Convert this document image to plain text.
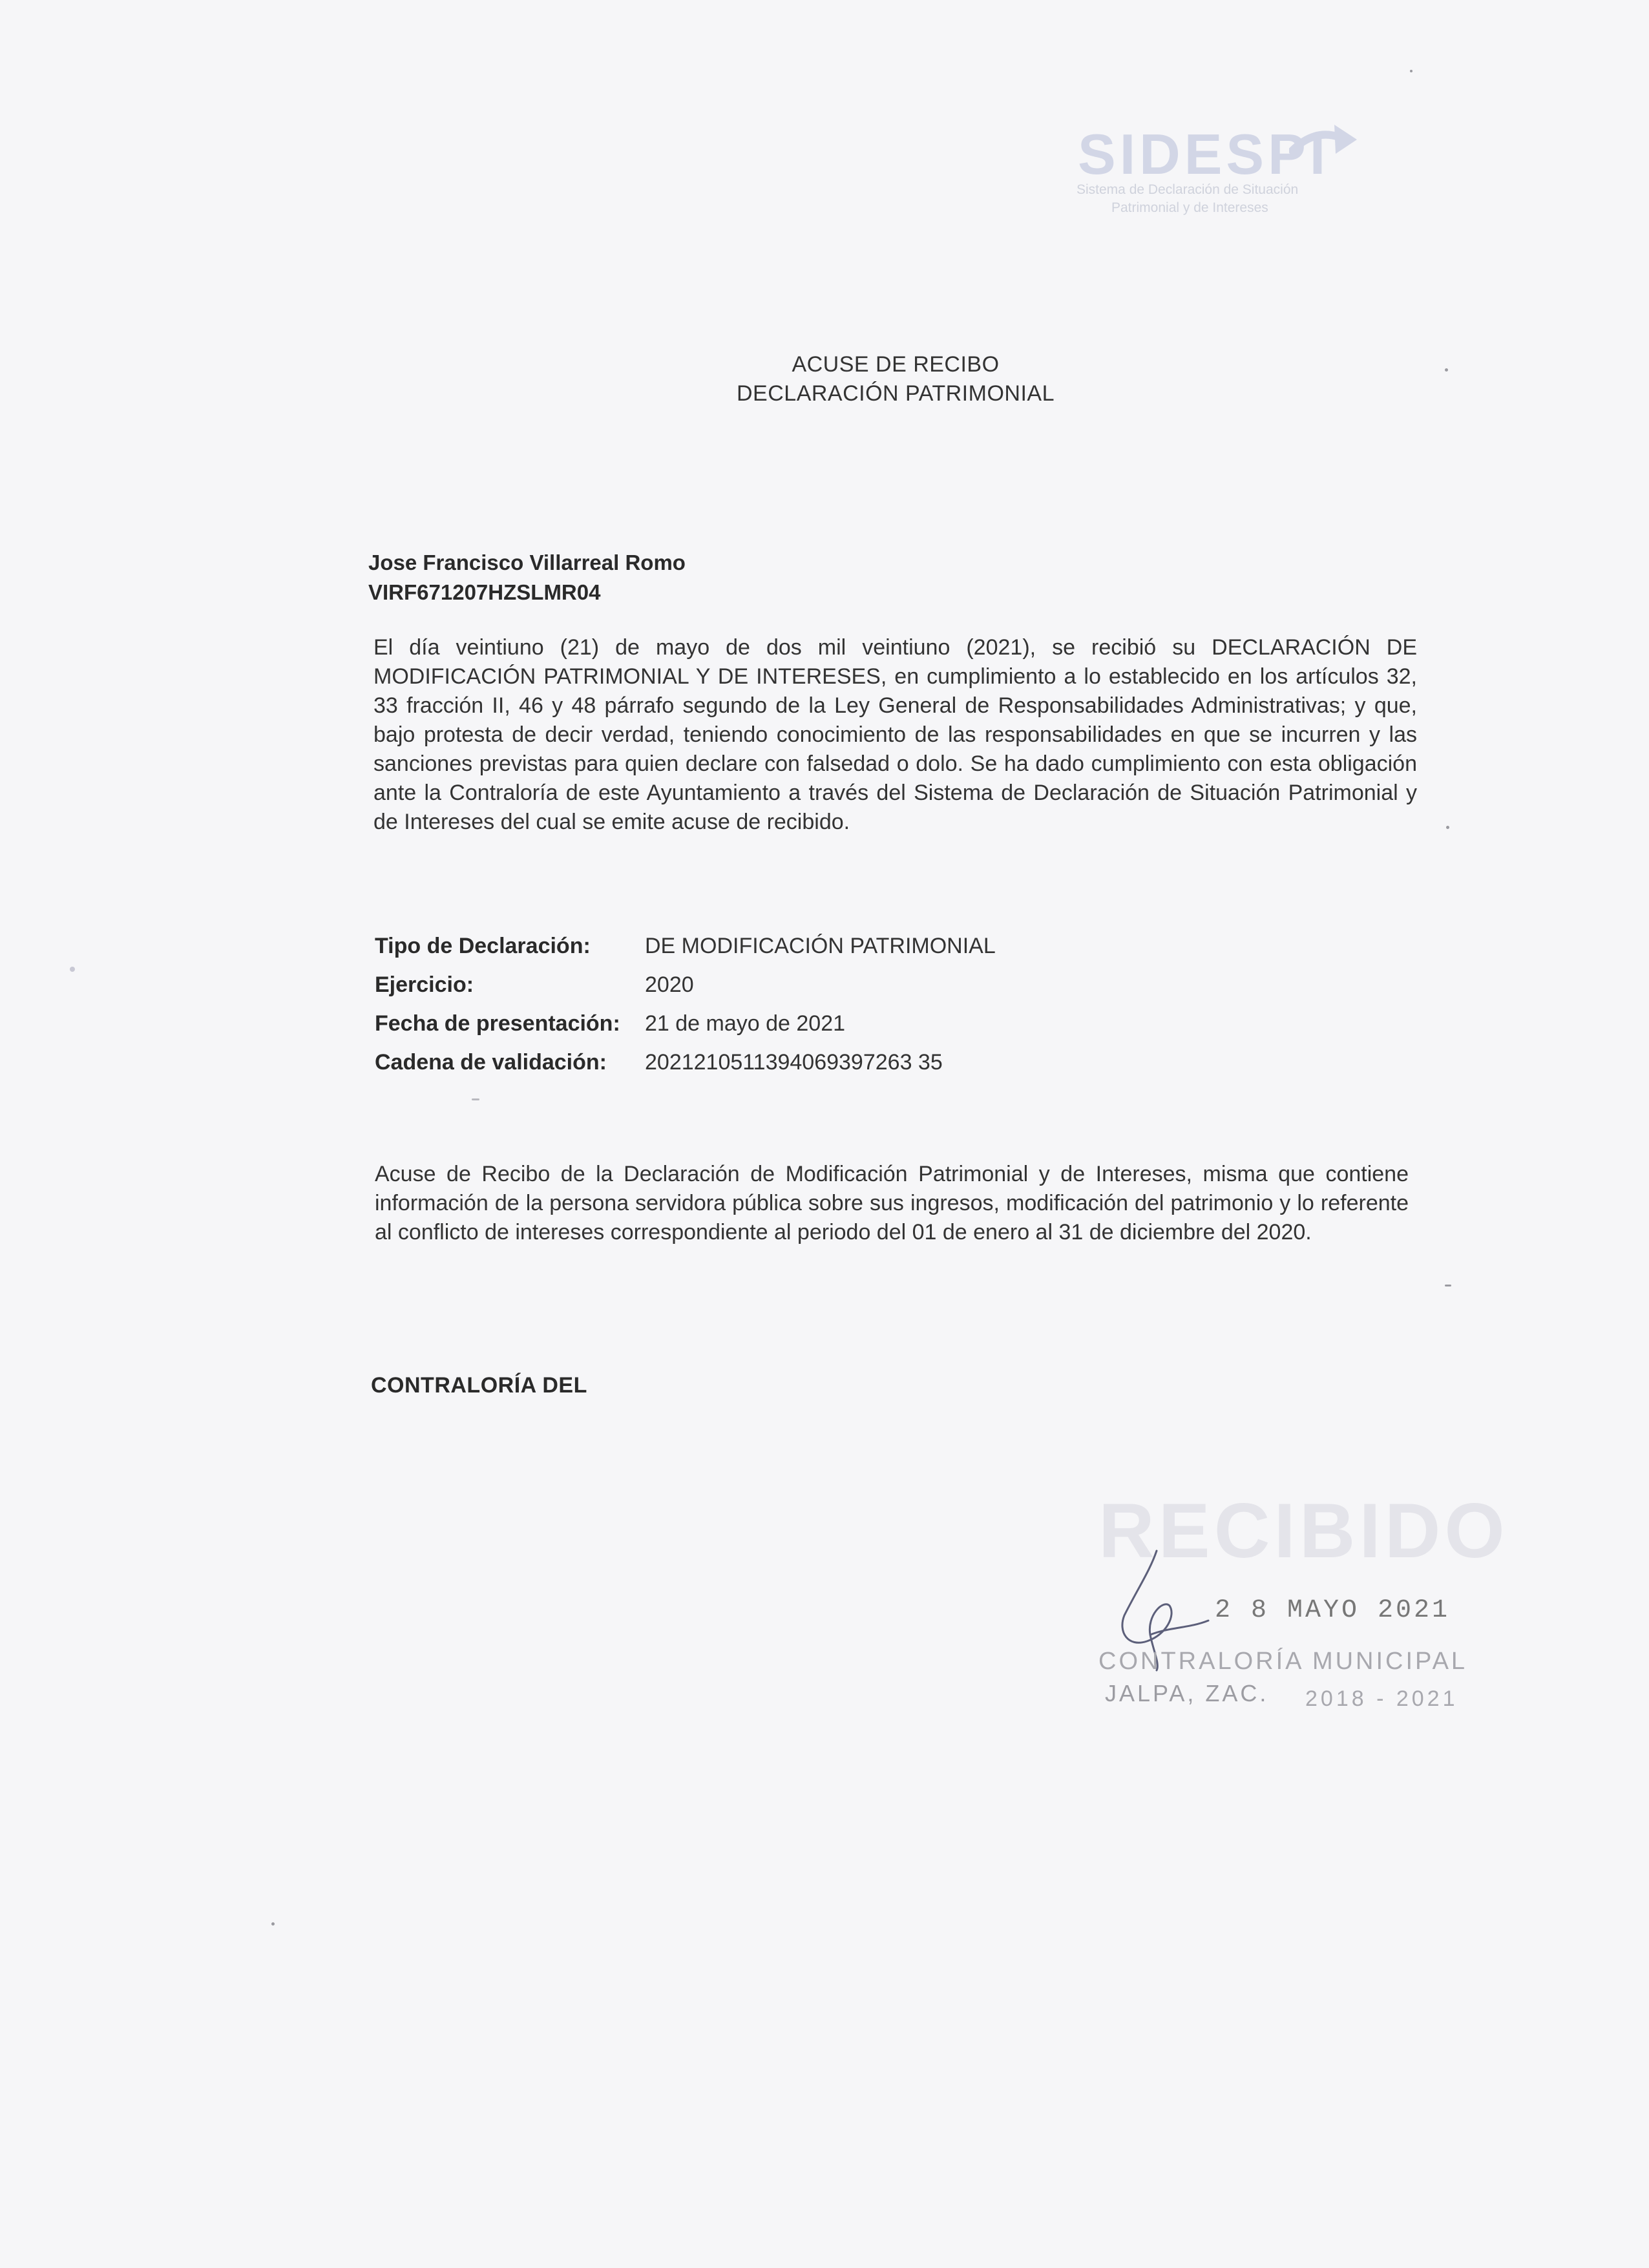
SIDESPI
Sistema de Declaración de Situación
Patrimonial y de Intereses
ACUSE DE RECIBO
DECLARACIÓN PATRIMONIAL
Jose Francisco Villarreal Romo
VIRF671207HZSLMR04
El día veintiuno (21) de mayo de dos mil veintiuno (2021), se recibió su DECLARACIÓN DE MODIFICACIÓN PATRIMONIAL Y DE INTERESES, en cumplimiento a lo establecido en los artículos 32, 33 fracción II, 46 y 48 párrafo segundo de la Ley General de Responsabilidades Administrativas; y que, bajo protesta de decir verdad, teniendo conocimiento de las responsabilidades en que se incurren y las sanciones previstas para quien declare con falsedad o dolo. Se ha dado cumplimiento con esta obligación ante la Contraloría de este Ayuntamiento a través del Sistema de Declaración de Situación Patrimonial y de Intereses del cual se emite acuse de recibido.
Tipo de Declaración:	DE MODIFICACIÓN PATRIMONIAL
Ejercicio:	2020
Fecha de presentación:	21 de mayo de 2021
Cadena de validación:	2021210511394069397263 35
Acuse de Recibo de la Declaración de Modificación Patrimonial y de Intereses, misma que contiene información de la persona servidora pública sobre sus ingresos, modificación del patrimonio y lo referente al conflicto de intereses correspondiente al periodo del 01 de enero al 31 de diciembre del 2020.
CONTRALORÍA DEL
RECIBIDO
2 8 MAYO 2021
CONTRALORÍA MUNICIPAL
JALPA, ZAC. 2018 - 2021
